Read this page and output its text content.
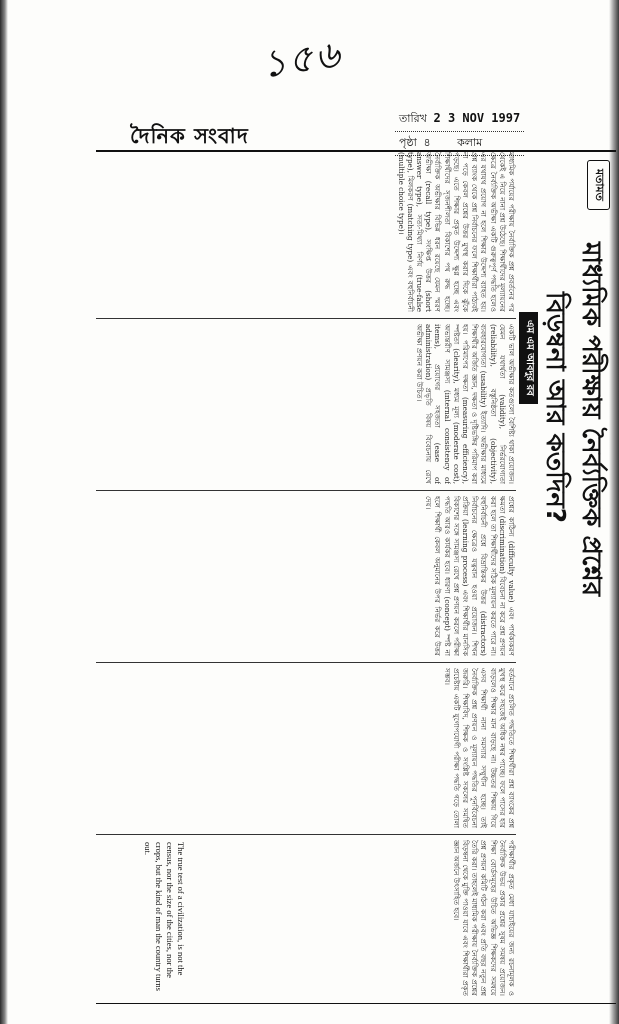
১৫৬
দৈনিক সংবাদ
তারিখ 2 3 NOV 1997
পৃষ্ঠা ৪ কলাম
মতামত
মাধ্যমিক পরীক্ষায় নৈর্ব্যক্তিক প্রশ্নের
বিড়ম্বনা আর কতদিন?
এম এম আবদুর রব
মাধ্যমিক পর্যায়ের পরীক্ষায় নৈর্ব্যক্তিক প্রশ্ন প্রবর্তনের পর থেকেই এ নিয়ে নানা প্রশ্ন উঠেছে। শিক্ষার্থীদের মূল্যায়নের ক্ষেত্রে নৈর্ব্যক্তিক অভীক্ষা একটি গুরুত্বপূর্ণ পদ্ধতি হলেও এর যথাযথ প্রয়োগ না হলে শিক্ষার উদ্দেশ্য ব্যাহত হয়। প্রশ্ন ব্যাংক থেকে প্রশ্ন নির্বাচনের ফলে শিক্ষার্থীরা পাঠ্যবই না পড়ে কেবল প্রশ্নের উত্তর মুখস্থ করার দিকে ঝুঁকে পড়ছে। এতে শিক্ষার প্রকৃত উদ্দেশ্য ক্ষুণ্ণ হচ্ছে এবং শিক্ষার্থীদের সৃজনশীলতা বিকাশের পথ রুদ্ধ হচ্ছে। নৈর্ব্যক্তিক অভীক্ষার বিভিন্ন ধরন রয়েছে যেমন স্মরণ অভীক্ষা (recall type), সংক্ষিপ্ত উত্তর (short answer type), সত্য-মিথ্যা নির্ণয় (true-false type), মিলকরণ (matching type) এবং বহুনির্বাচনী (multiple choice type)।
একটি ভাল অভীক্ষার কতগুলো বৈশিষ্ট্য থাকা প্রয়োজন। যেমন যথার্থতা (validity), নির্ভরযোগ্যতা (reliability), বস্তুনিষ্ঠতা (objectivity), ব্যবহারযোগ্যতা (usability) ইত্যাদি। অভীক্ষার মাধ্যমে শিক্ষার্থীর অর্জিত জ্ঞান, দক্ষতা ও দৃষ্টিভঙ্গির পরিমাপ করা হয়। পরিমাপের দক্ষতা (measuring efficiency), স্পষ্টতা (clearity), মধ্যম মূল্য (moderate cost), অভ্যন্তরীণ সামঞ্জস্য (internal consistency of items), প্রয়োগের সহজতা (ease of administration) প্রভৃতি বিষয় বিবেচনায় রেখে অভীক্ষা প্রণয়ন করা উচিত।
প্রশ্নের কাঠিন্য (difficulty value) এবং পার্থক্যকরণ ক্ষমতা (discrimination) বিবেচনা না করে প্রশ্ন প্রণয়ন করা হলে তা শিক্ষার্থীদের সঠিক মূল্যায়ন করতে পারে না। বহুনির্বাচনী প্রশ্নে বিভ্রান্তিকর উত্তর (distractors) নির্বাচনের ক্ষেত্রেও যত্নবান হওয়া প্রয়োজন। শিখন প্রক্রিয়া (learning process) এবং শিক্ষার্থীর মানসিক বিকাশের সঙ্গে সামঞ্জস্য রেখে প্রশ্ন প্রণয়ন করলে পরীক্ষা পদ্ধতি আরও কার্যকর হবে। ধারণা (concept) স্পষ্ট না হলে শিক্ষার্থী কেবল অনুমানের উপর নির্ভর করে উত্তর দেয়।
বর্তমানে প্রচলিত পদ্ধতিতে শিক্ষার্থীরা প্রশ্ন ব্যাংকের প্রশ্ন মুখস্থ করে সহজেই অধিক নম্বর পাচ্ছে। ফলে পাসের হার বাড়লেও শিক্ষার মান বাড়ছে না। উচ্চতর শিক্ষায় গিয়ে এসব শিক্ষার্থী নানা সমস্যার সম্মুখীন হচ্ছে। তাই নৈর্ব্যক্তিক প্রশ্ন প্রণয়ন ও মূল্যায়ন পদ্ধতির পুনর্বিবেচনা জরুরি। শিক্ষাবিদ, শিক্ষক ও সংশ্লিষ্ট সকলের সমন্বিত প্রচেষ্টায় একটি যুগোপযোগী পরীক্ষা পদ্ধতি গড়ে তোলা সম্ভব।
পরীক্ষার্থীর প্রকৃত মেধা যাচাইয়ের জন্য রচনামূলক ও নৈর্ব্যক্তিক উভয় প্রকার প্রশ্নের সুষম সমন্বয় প্রয়োজন। শিক্ষা বোর্ডসমূহের উচিত অভিজ্ঞ শিক্ষকদের সমন্বয়ে প্রশ্ন প্রণয়ন কমিটি গঠন করা এবং প্রতি বছর নতুন প্রশ্ন তৈরি করা। তাহলেই মাধ্যমিক পরীক্ষায় নৈর্ব্যক্তিক প্রশ্নের বিড়ম্বনা থেকে মুক্তি পাওয়া যাবে এবং শিক্ষার্থীরা প্রকৃত জ্ঞান অর্জনে উৎসাহিত হবে।
The true test of a civilization, is not the census, nor the size of the cities, nor the crops, but the kind of man the country turns out.
